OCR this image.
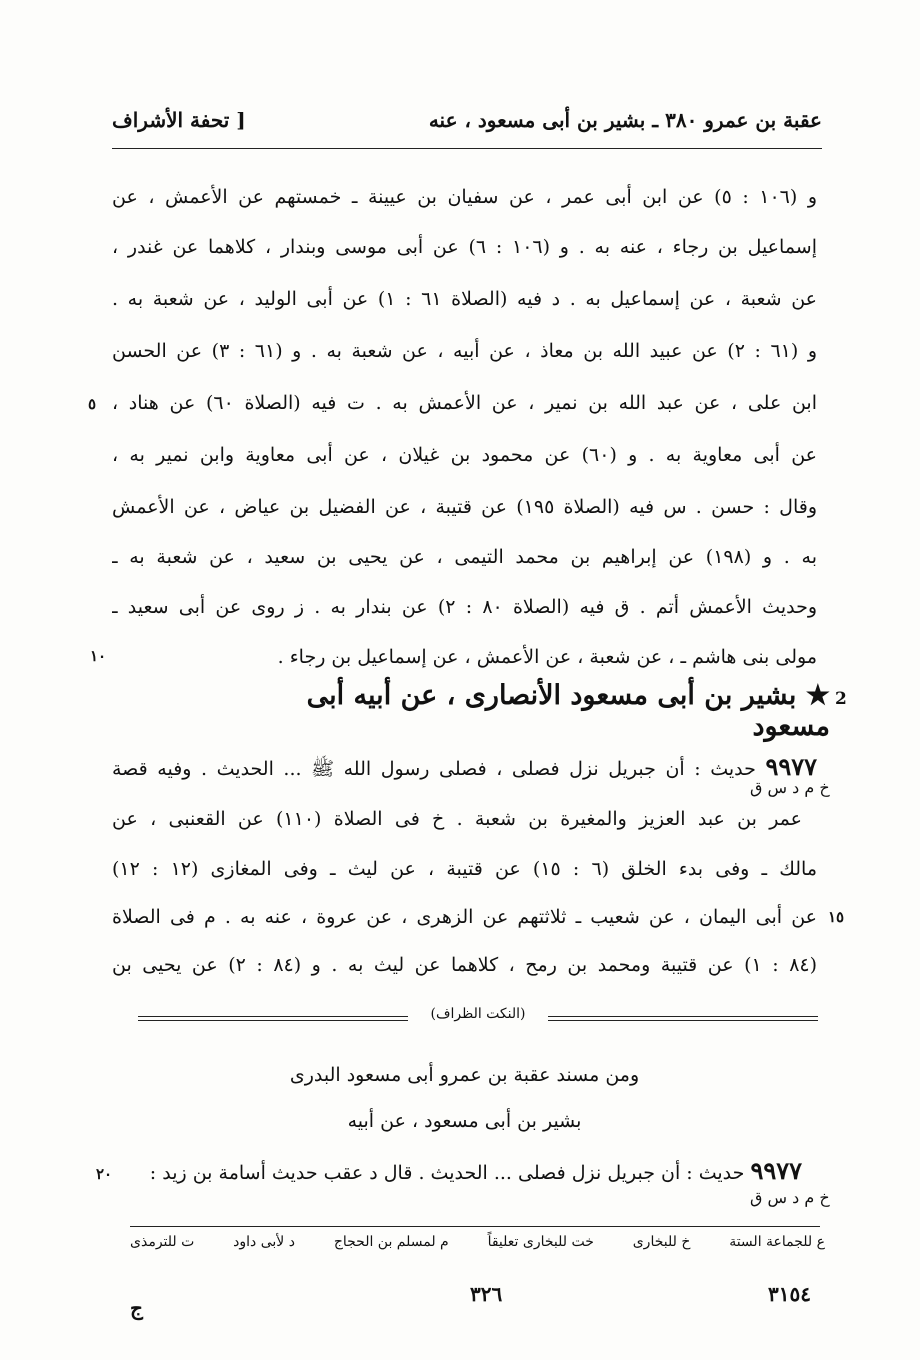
عقبة بن عمرو ٣٨٠ ـ بشير بن أبى مسعود ، عنه
[ تحفة الأشراف
و (١٠٦ : ٥) عن ابن أبى عمر ، عن سفيان بن عيينة ـ خمستهم عن الأعمش ، عن
إسماعيل بن رجاء ، عنه به . و (١٠٦ : ٦) عن أبى موسى وبندار ، كلاهما عن غندر ،
عن شعبة ، عن إسماعيل به . د فيه (الصلاة ٦١ : ١) عن أبى الوليد ، عن شعبة به .
و (٦١ : ٢) عن عبيد الله بن معاذ ، عن أبيه ، عن شعبة به . و (٦١ : ٣) عن الحسن
ابن على ، عن عبد الله بن نمير ، عن الأعمش به . ت فيه (الصلاة ٦٠) عن هناد ،
عن أبى معاوية به . و (٦٠) عن محمود بن غيلان ، عن أبى معاوية وابن نمير به ،
وقال : حسن . س فيه (الصلاة ١٩٥) عن قتيبة ، عن الفضيل بن عياض ، عن الأعمش
به . و (١٩٨) عن إبراهيم بن محمد التيمى ، عن يحيى بن سعيد ، عن شعبة به ـ
وحديث الأعمش أتم . ق فيه (الصلاة ٨٠ : ٢) عن بندار به . ز روى عن أبى سعيد ـ
مولى بنى هاشم ـ ، عن شعبة ، عن الأعمش ، عن إسماعيل بن رجاء .
٥
١٠
2
★ بشير بن أبى مسعود الأنصارى ، عن أبيه أبى مسعود
٩٩٧٧ حديث : أن جبريل نزل فصلى ، فصلى رسول الله ﷺ ... الحديث . وفيه قصة
خ م د س ق
عمر بن عبد العزيز والمغيرة بن شعبة . خ فى الصلاة (١١٠) عن القعنبى ، عن
مالك ـ وفى بدء الخلق (٦ : ١٥) عن قتيبة ، عن ليث ـ وفى المغازى (١٢ : ١٢)
عن أبى اليمان ، عن شعيب ـ ثلاثتهم عن الزهرى ، عن عروة ، عنه به . م فى الصلاة
(٨٤ : ١) عن قتيبة ومحمد بن رمح ، كلاهما عن ليث به . و (٨٤ : ٢) عن يحيى بن
١٥
(النكت الظراف)
ومن مسند عقبة بن عمرو أبى مسعود البدرى
بشير بن أبى مسعود ، عن أبيه
٩٩٧٧ حديث : أن جبريل نزل فصلى ... الحديث . قال د عقب حديث أسامة بن زيد :
٢٠
خ م د س ق
ع للجماعة الستة
خ للبخارى
خت للبخارى تعليقاً
م لمسلم بن الحجاج
د لأبى داود
ت للترمذى
٣٢٦	٣١٥٤
ج
